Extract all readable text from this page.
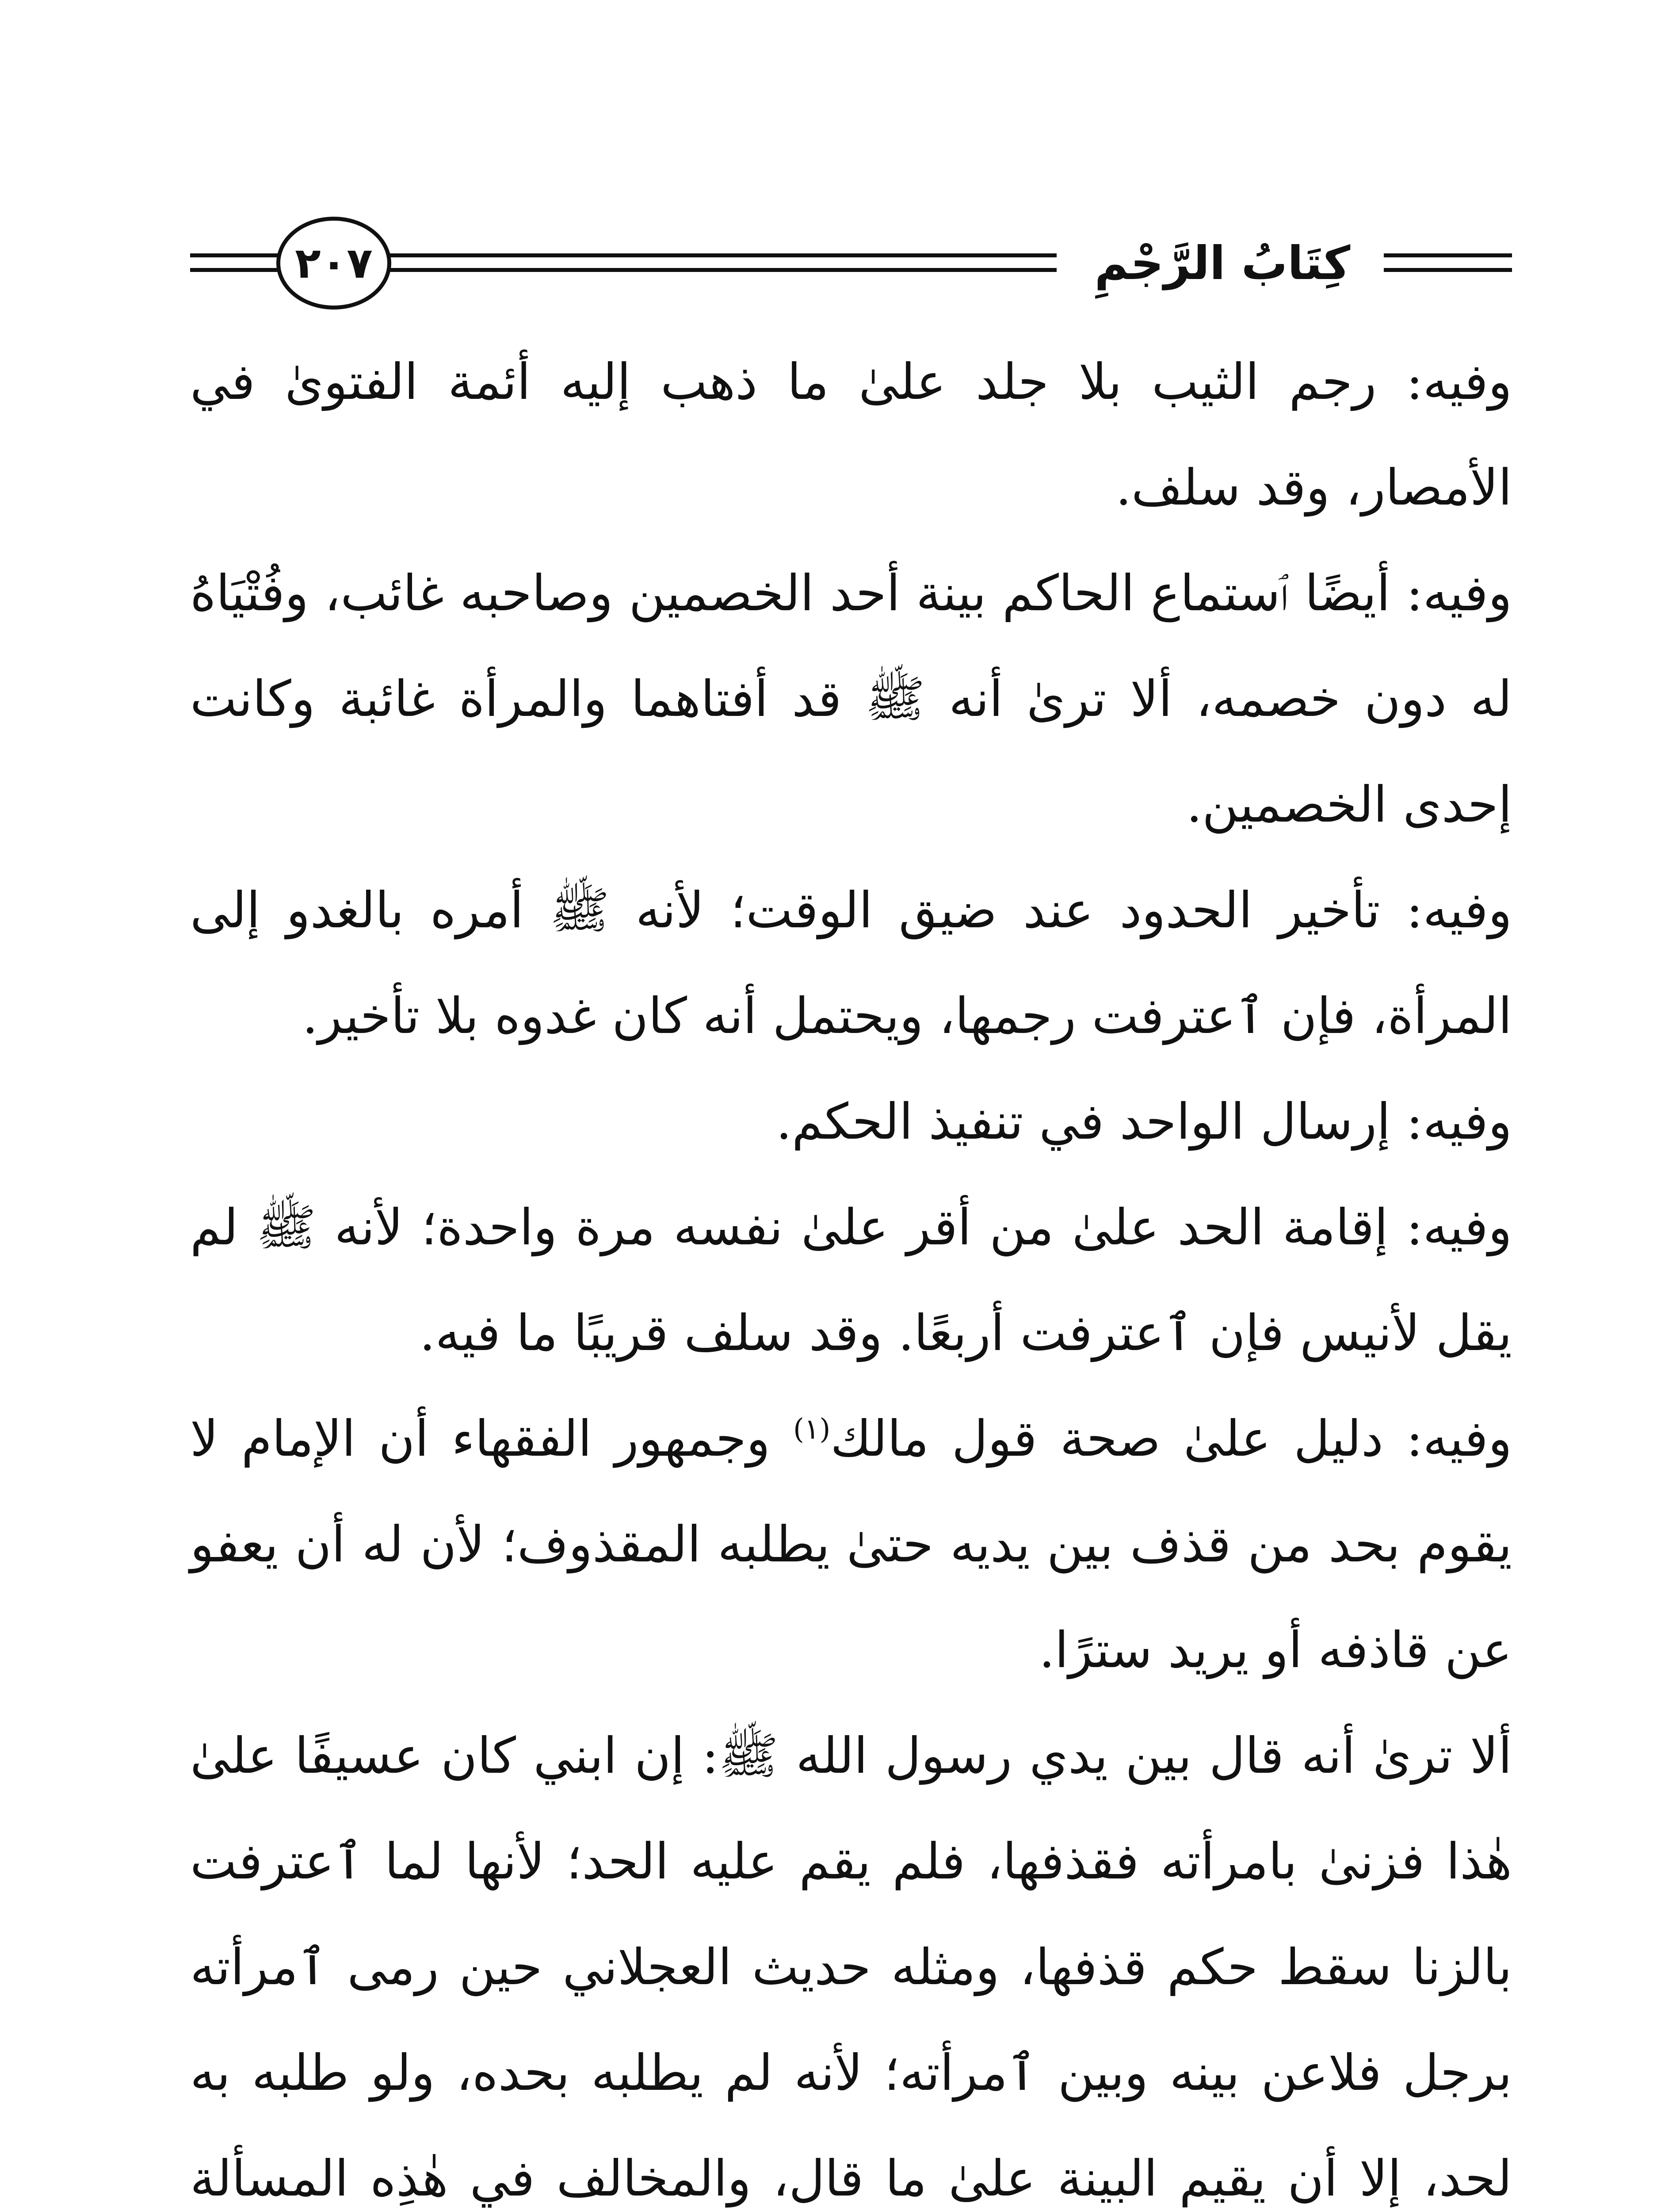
٢٠٧	كِتَابُ الرَّجْمِ

وفيه: رجم الثيب بلا جلد علىٰ ما ذهب إليه أئمة الفتوىٰ في الأمصار، وقد سلف.

وفيه: أيضًا ٱستماع الحاكم بينة أحد الخصمين وصاحبه غائب، وفُتْيَاهُ له دون خصمه، ألا ترىٰ أنه ﷺ قد أفتاهما والمرأة غائبة وكانت إحدى الخصمين.

وفيه: تأخير الحدود عند ضيق الوقت؛ لأنه ﷺ أمره بالغدو إلى المرأة، فإن ٱعترفت رجمها، ويحتمل أنه كان غدوه بلا تأخير.

وفيه: إرسال الواحد في تنفيذ الحكم.

وفيه: إقامة الحد علىٰ من أقر علىٰ نفسه مرة واحدة؛ لأنه ﷺ لم يقل لأنيس فإن ٱعترفت أربعًا. وقد سلف قريبًا ما فيه.

وفيه: دليل علىٰ صحة قول مالك$^{(١)}$ وجمهور الفقهاء أن الإمام لا يقوم بحد من قذف بين يديه حتىٰ يطلبه المقذوف؛ لأن له أن يعفو عن قاذفه أو يريد سترًا.

ألا ترىٰ أنه قال بين يدي رسول الله ﷺ: إن ابني كان عسيفًا علىٰ هٰذا فزنىٰ بامرأته فقذفها، فلم يقم عليه الحد؛ لأنها لما ٱعترفت بالزنا سقط حكم قذفها، ومثله حديث العجلاني حين رمى ٱمرأته برجل فلاعن بينه وبين ٱمرأته؛ لأنه لم يطلبه بحده، ولو طلبه به لحد، إلا أن يقيم البينة علىٰ ما قال، والمخالف في هٰذِه المسألة
